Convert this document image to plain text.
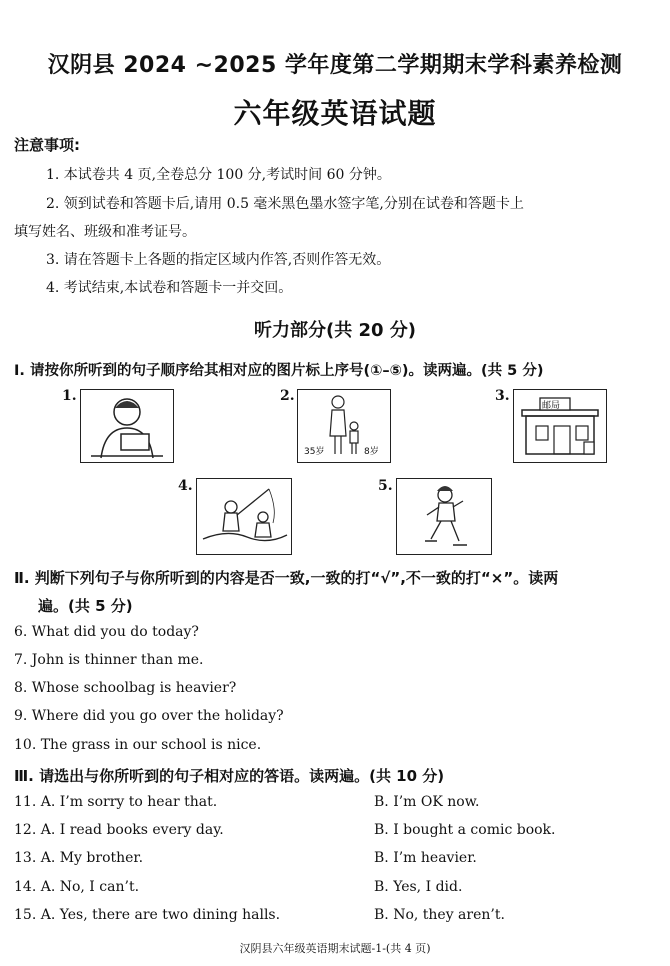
汉阴县 2024 ~2025 学年度第二学期期末学科素养检测
六年级英语试题
注意事项:
1. 本试卷共 4 页,全卷总分 100 分,考试时间 60 分钟。
2. 领到试卷和答题卡后,请用 0.5 毫米黑色墨水签字笔,分别在试卷和答题卡上
填写姓名、班级和准考证号。
3. 请在答题卡上各题的指定区域内作答,否则作答无效。
4. 考试结束,本试卷和答题卡一并交回。
听力部分(共 20 分)
I. 请按你所听到的句子顺序给其相对应的图片标上序号(①–⑤)。读两遍。(共 5 分)
1.	2.
35岁	8岁
3.
邮局
4.	5.
Ⅱ. 判断下列句子与你所听到的内容是否一致,一致的打“√”,不一致的打“×”。读两
遍。(共 5 分)
6. What did you do today?
7. John is thinner than me.
8. Whose schoolbag is heavier?
9. Where did you go over the holiday?
10. The grass in our school is nice.
Ⅲ. 请选出与你所听到的句子相对应的答语。读两遍。(共 10 分)
11. A. I’m sorry to hear that.	B. I’m OK now.
12. A. I read books every day.	B. I bought a comic book.
13. A. My brother.	B. I’m heavier.
14. A. No, I can’t.	B. Yes, I did.
15. A. Yes, there are two dining halls.	B. No, they aren’t.
汉阴县六年级英语期末试题-1-(共 4 页)
